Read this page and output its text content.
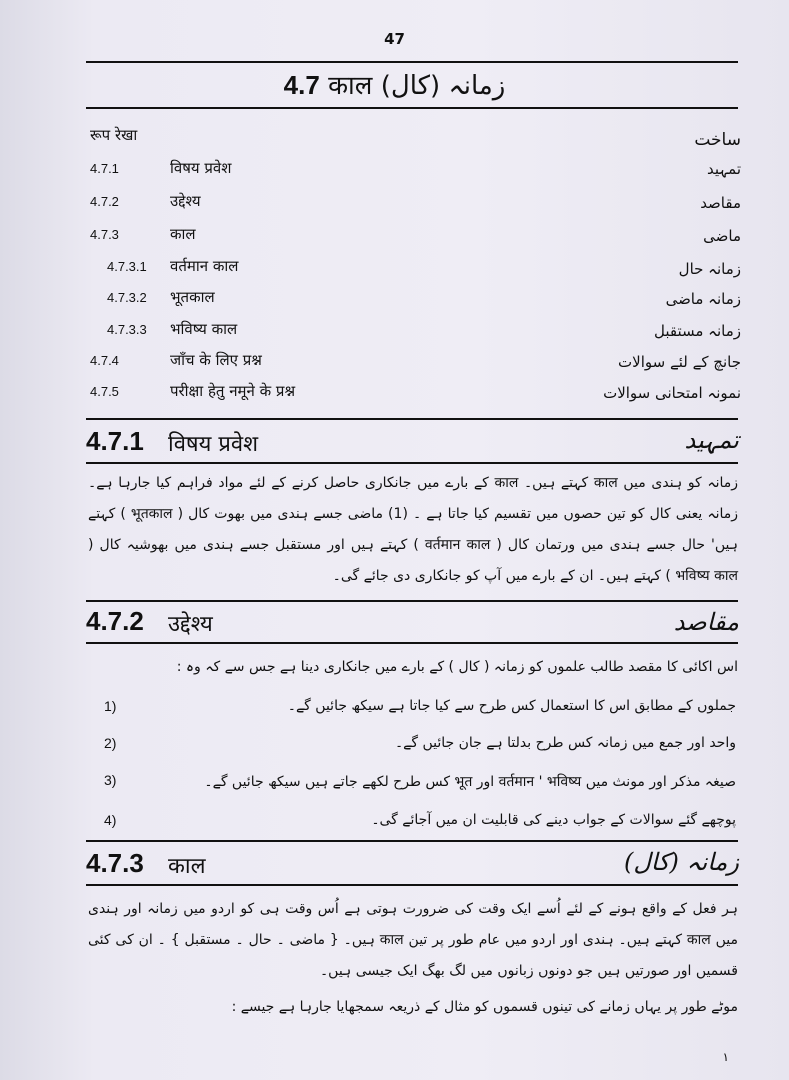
47
4.7 काल (کال) زمانہ
रूप रेखा	ساخت
4.7.1	विषय प्रवेश	تمہید
4.7.2	उद्देश्य	مقاصد
4.7.3	काल	ماضی
4.7.3.1 वर्तमान काल	زمانہ حال
4.7.3.2 भूतकाल	زمانہ ماضی
4.7.3.3 भविष्य काल	زمانہ مستقبل
4.7.4	जाँच के लिए प्रश्न	جانچ کے لئے سوالات
4.7.5	परीक्षा हेतु नमूने के प्रश्न	نمونہ امتحانی سوالات
4.7.1 विषय प्रवेश	تمہید
زمانہ کو ہندی میں काल کہتے ہیں۔ काल کے بارے میں جانکاری حاصل کرنے کے لئے مواد فراہم کیا جارہا ہے۔ زمانہ یعنی کال کو تین حصوں میں تقسیم کیا جاتا ہے ۔ (1) ماضی جسے ہندی میں بھوت کال ( भूतकाल ) کہتے ہیں' حال جسے ہندی میں ورتمان کال ( वर्तमान काल ) کہتے ہیں اور مستقبل جسے ہندی میں بھوشیہ کال ( भविष्य काल ) کہتے ہیں۔ ان کے بارے میں آپ کو جانکاری دی جائے گی۔
4.7.2 उद्देश्य	مقاصد
اس اکائی کا مقصد طالب علموں کو زمانہ ( کال ) کے بارے میں جانکاری دینا ہے جس سے کہ وہ :
1)	جملوں کے مطابق اس کا استعمال کس طرح سے کیا جاتا ہے سیکھ جائیں گے۔
2)	واحد اور جمع میں زمانہ کس طرح بدلتا ہے جان جائیں گے۔
3)	صیغہ مذکر اور مونث میں वर्तमान ' भविष्य اور भूत کس طرح لکھے جاتے ہیں سیکھ جائیں گے۔
4)	پوچھے گئے سوالات کے جواب دینے کی قابلیت ان میں آجائے گی۔
4.7.3 काल	زمانہ (کال)
ہر فعل کے واقع ہونے کے لئے اُسے ایک وقت کی ضرورت ہوتی ہے اُس وقت ہی کو اردو میں زمانہ اور ہندی میں काल کہتے ہیں۔ ہندی اور اردو میں عام طور پر تین काल ہیں۔ { ماضی ۔ حال ۔ مستقبل } ۔ ان کی کئی قسمیں اور صورتیں ہیں جو دونوں زبانوں میں لگ بھگ ایک جیسی ہیں۔
موٹے طور پر یہاں زمانے کی تینوں قسموں کو مثال کے ذریعہ سمجھایا جارہا ہے جیسے :
١
